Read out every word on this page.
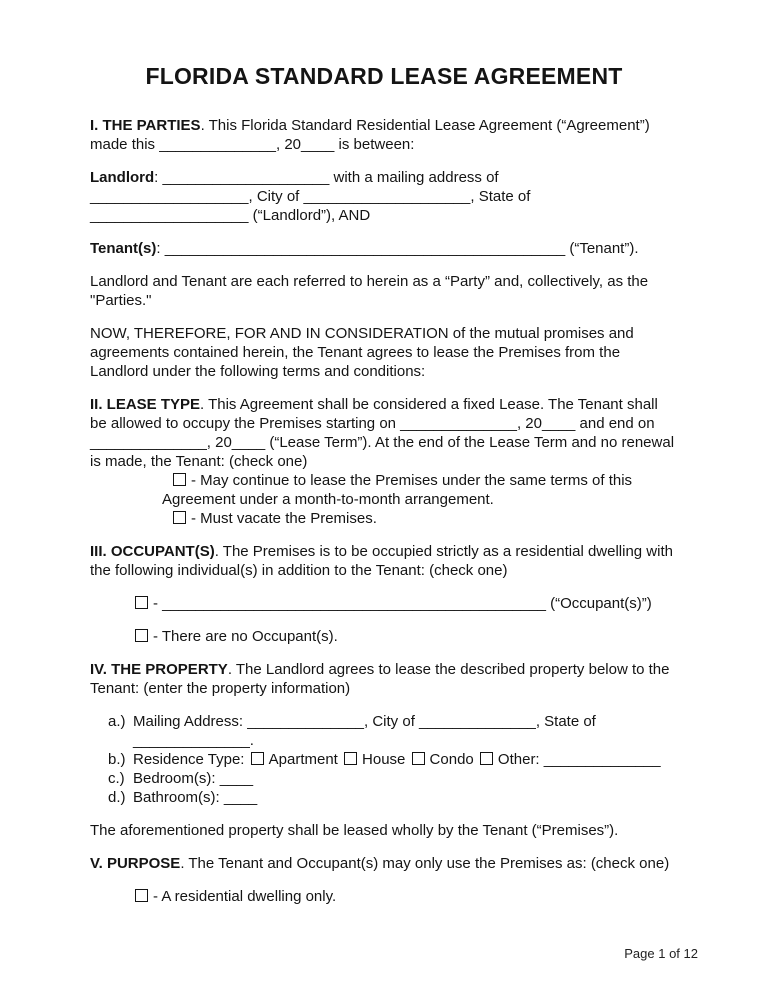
FLORIDA STANDARD LEASE AGREEMENT

I. THE PARTIES. This Florida Standard Residential Lease Agreement (“Agreement”) made this ______________, 20____ is between:

Landlord: ____________________ with a mailing address of
___________________, City of ____________________, State of
___________________ (“Landlord”), AND

Tenant(s): ________________________________________________ (“Tenant”).

Landlord and Tenant are each referred to herein as a “Party” and, collectively, as the "Parties."

NOW, THEREFORE, FOR AND IN CONSIDERATION of the mutual promises and agreements contained herein, the Tenant agrees to lease the Premises from the Landlord under the following terms and conditions:

II. LEASE TYPE. This Agreement shall be considered a fixed Lease. The Tenant shall be allowed to occupy the Premises starting on ______________, 20____ and end on ______________, 20____ (“Lease Term”). At the end of the Lease Term and no renewal is made, the Tenant: (check one)

- May continue to lease the Premises under the same terms of this Agreement under a month-to-month arrangement.

- Must vacate the Premises.

III. OCCUPANT(S). The Premises is to be occupied strictly as a residential dwelling with the following individual(s) in addition to the Tenant: (check one)

- ______________________________________________ (“Occupant(s)”)

- There are no Occupant(s).

IV. THE PROPERTY. The Landlord agrees to lease the described property below to the Tenant: (enter the property information)

a.) Mailing Address: ______________, City of ______________, State of
______________.
b.) Residence Type: Apartment House Condo Other: ______________
c.) Bedroom(s): ____
d.) Bathroom(s): ____

The aforementioned property shall be leased wholly by the Tenant (“Premises”).

V. PURPOSE. The Tenant and Occupant(s) may only use the Premises as: (check one)

- A residential dwelling only.

Page 1 of 12
